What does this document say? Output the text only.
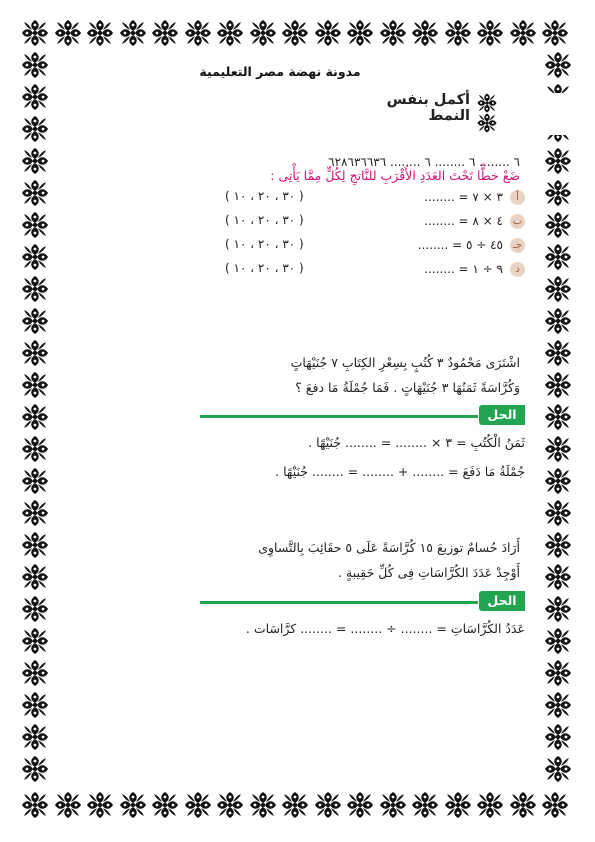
مدونة نهضة مصر التعليمية

أكمل بنفس النمط
٦ ........ ٦ ........ ٦ ........ ٦٢٨٦٣٦٦٣٦
ضَعْ خطًّا تَحْتَ العَدَدِ الأَقْرَبِ للنَّاتجِ لِكُلٍّ مِمَّا يَأْتِى :
أ
٣ × ٧ = ........
( ٣٠ ، ٢٠ ، ١٠ )
ب
٤ × ٨ = ........
( ٣٠ ، ٢٠ ، ١٠ )
جـ
٤٥ ÷ ٥ = ........
( ٣٠ ، ٢٠ ، ١٠ )
د
٩ ÷ ١ = ........
( ٣٠ ، ٢٠ ، ١٠ )
اشْتَرَى مَحْمُودٌ ٣ كُتُبٍ بِسِعْرِ الكِتَابِ ٧ جُنَيْهَاتٍ
وَكُرَّاسَةً ثَمَنُهَا ٣ جُنَيْهَاتٍ . فَمَا جُمْلَةُ مَا دفعَ ؟
الحل
ثَمَنُ الْكُتُبِ = ٣ × ........ = ........ جُنَيْهًا .
جُمْلَةُ مَا دَفَعَ = ........ + ........ = ........ جُنَيْهًا .
أَرَادَ حُسامٌ توزيعَ ١٥ كُرَّاسَةً عَلَى ٥ حقَائِبَ بِالتَّساوِى
أَوْجِدْ عَدَدَ الكُرَّاسَاتِ فِى كُلِّ حَقِيبةٍ .
الحل
عَدَدُ الكُرَّاسَاتِ = ........ ÷ ........ = ........ كرَّاسَات .
